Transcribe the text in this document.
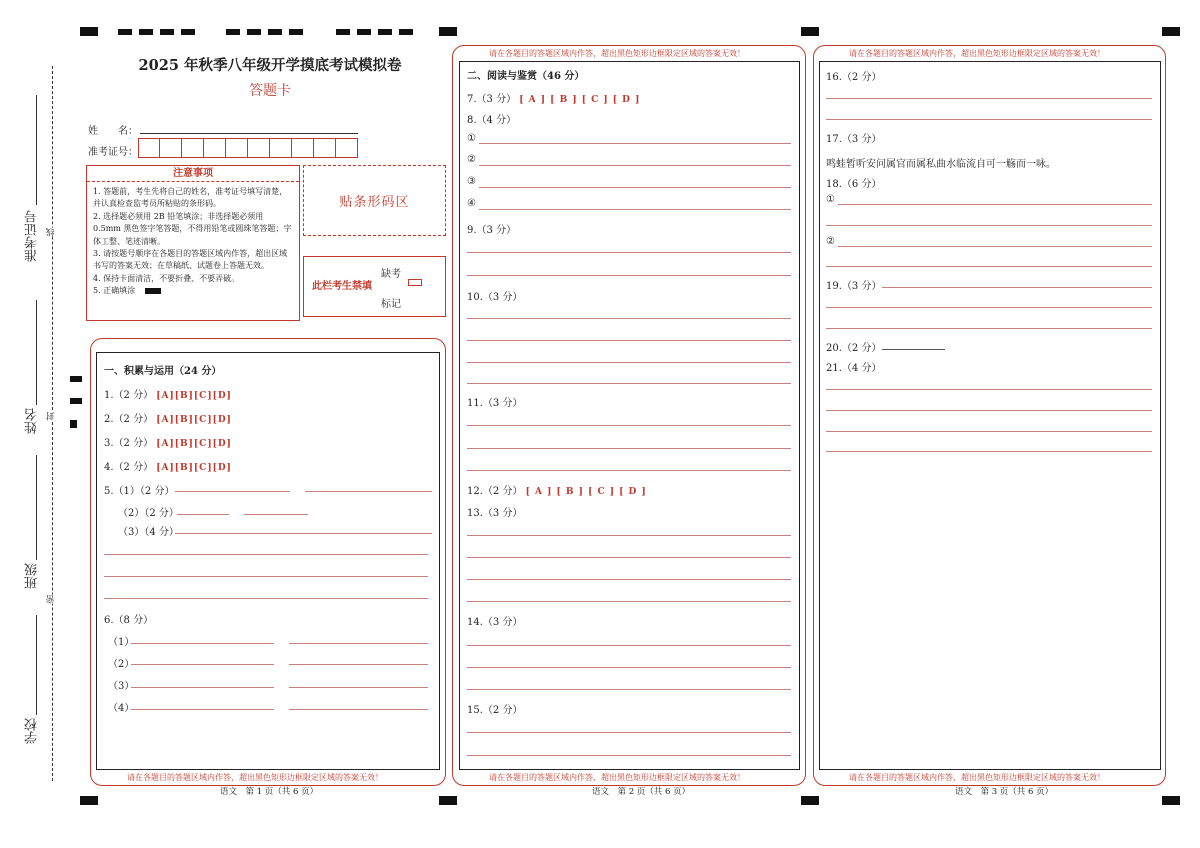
准考证号
姓名
班级
学校
线
封
密
2025 年秋季八年级开学摸底考试模拟卷
答题卡
姓　　名：
准考证号：
注意事项
1. 答题前，考生先将自己的姓名，准考证号填写清楚，并认真检查监考员所粘贴的条形码。
2. 选择题必须用 2B 铅笔填涂；非选择题必须用 0.5mm 黑色签字笔答题，不得用铅笔或圆珠笔答题；字体工整、笔迹清晰。
3. 请按题号顺序在各题目的答题区域内作答，超出区域书写的答案无效；在草稿纸、试题卷上答题无效。
4. 保持卡面清洁，不要折叠、不要弄破。
5. 正确填涂
贴条形码区
此栏考生禁填
缺考
标记
请在各题目的答题区域内作答，超出黑色矩形边框限定区域的答案无效！
一、积累与运用（24 分）
1.（2 分） [A][B][C][D]
2.（2 分） [A][B][C][D]
3.（2 分） [A][B][C][D]
4.（2 分） [A][B][C][D]
5.（1）（2 分）
（2）（2 分）
（3）（4 分）
6.（8 分）
（1）
（2）
（3）
（4）
语文　第 1 页（共 6 页）
请在各题目的答题区域内作答，超出黑色矩形边框限定区域的答案无效！
请在各题目的答题区域内作答，超出黑色矩形边框限定区域的答案无效！
二、阅读与鉴赏（46 分）
7.（3 分） [ A ] [ B ] [ C ] [ D ]
8.（4 分）
①
②
③
④
9.（3 分）
10.（3 分）
11.（3 分）
12.（2 分） [ A ] [ B ] [ C ] [ D ]
13.（3 分）
14.（3 分）
15.（2 分）
语文　第 2 页（共 6 页）
请在各题目的答题区域内作答，超出黑色矩形边框限定区域的答案无效！
请在各题目的答题区域内作答，超出黑色矩形边框限定区域的答案无效！
16.（2 分）
17.（3 分）
鸣蛙暂听安问属官而属私曲水临流自可一觞而一咏。
18.（6 分）
①
②
19.（3 分）
20.（2 分）
21.（4 分）
语文　第 3 页（共 6 页）
